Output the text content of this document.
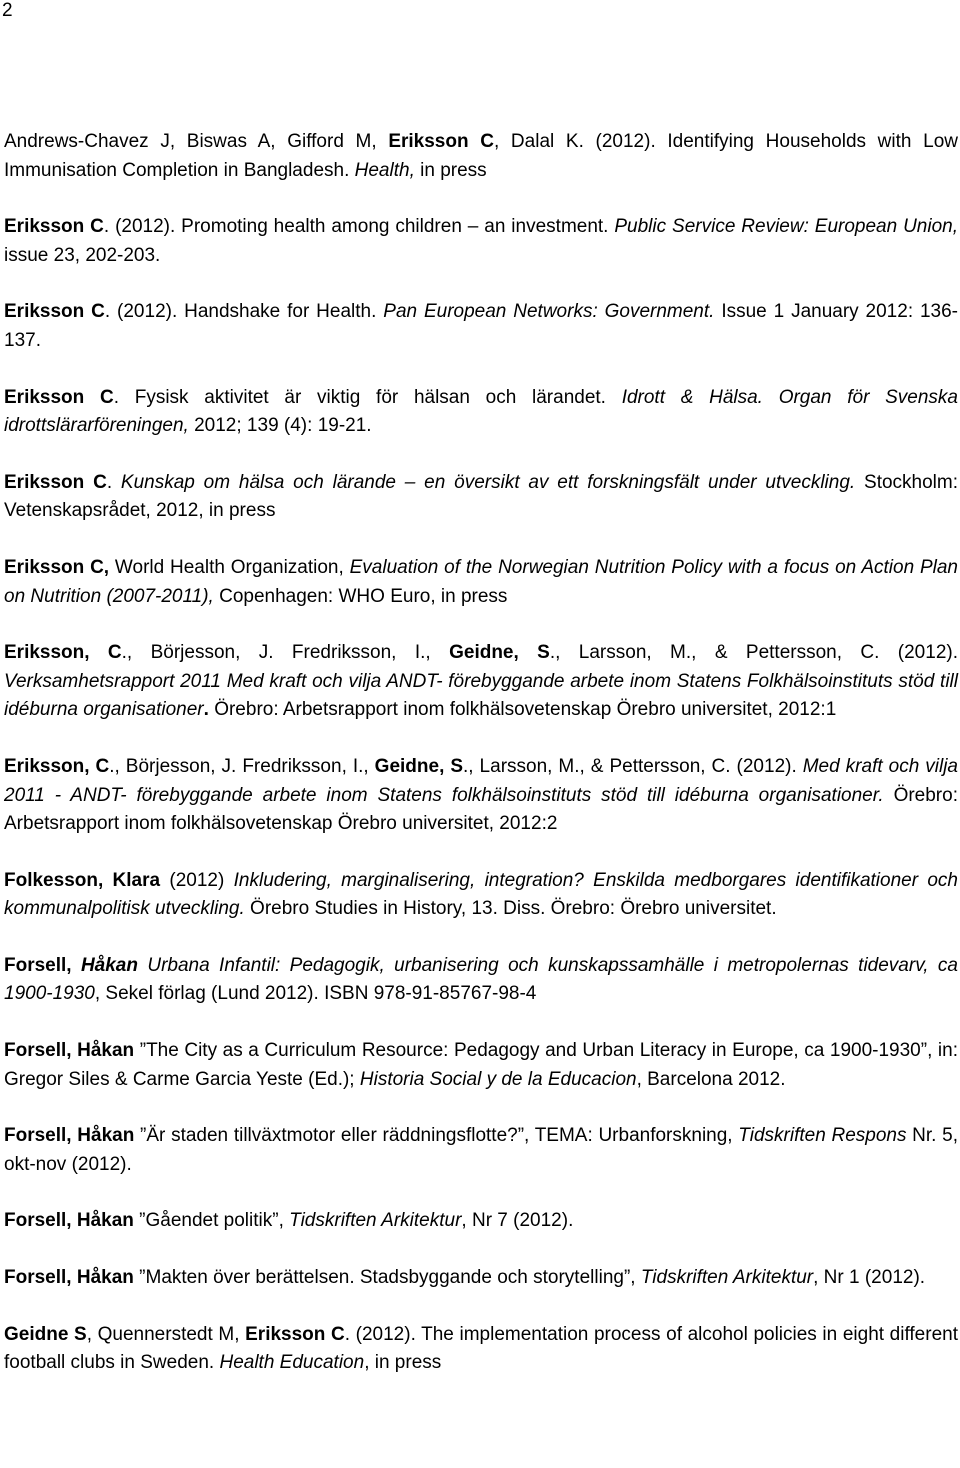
2
Andrews-Chavez J, Biswas A, Gifford M, Eriksson C, Dalal K. (2012). Identifying Households with Low Immunisation Completion in Bangladesh. Health, in press
Eriksson C. (2012). Promoting health among children – an investment. Public Service Review: European Union, issue 23, 202-203.
Eriksson C. (2012). Handshake for Health. Pan European Networks: Government. Issue 1 January 2012: 136-137.
Eriksson C. Fysisk aktivitet är viktig för hälsan och lärandet. Idrott & Hälsa. Organ för Svenska idrottslärarföreningen, 2012; 139 (4): 19-21.
Eriksson C. Kunskap om hälsa och lärande – en översikt av ett forskningsfält under utveckling. Stockholm: Vetenskapsrådet, 2012, in press
Eriksson C, World Health Organization, Evaluation of the Norwegian Nutrition Policy with a focus on Action Plan on Nutrition (2007-2011), Copenhagen: WHO Euro, in press
Eriksson, C., Börjesson, J. Fredriksson, I., Geidne, S., Larsson, M., & Pettersson, C. (2012). Verksamhetsrapport 2011 Med kraft och vilja ANDT- förebyggande arbete inom Statens Folkhälsoinstituts stöd till idéburna organisationer. Örebro: Arbetsrapport inom folkhälsovetenskap Örebro universitet, 2012:1
Eriksson, C., Börjesson, J. Fredriksson, I., Geidne, S., Larsson, M., & Pettersson, C. (2012). Med kraft och vilja 2011 - ANDT- förebyggande arbete inom Statens folkhälsoinstituts stöd till idéburna organisationer. Örebro: Arbetsrapport inom folkhälsovetenskap Örebro universitet, 2012:2
Folkesson, Klara (2012) Inkludering, marginalisering, integration? Enskilda medborgares identifikationer och kommunalpolitisk utveckling. Örebro Studies in History, 13. Diss. Örebro: Örebro universitet.
Forsell, Håkan Urbana Infantil: Pedagogik, urbanisering och kunskapssamhälle i metropolernas tidevarv, ca 1900-1930, Sekel förlag (Lund 2012). ISBN 978-91-85767-98-4
Forsell, Håkan ”The City as a Curriculum Resource: Pedagogy and Urban Literacy in Europe, ca 1900-1930”, in: Gregor Siles & Carme Garcia Yeste (Ed.); Historia Social y de la Educacion, Barcelona 2012.
Forsell, Håkan ”Är staden tillväxtmotor eller räddningsflotte?”, TEMA: Urbanforskning, Tidskriften Respons Nr. 5, okt-nov (2012).
Forsell, Håkan ”Gåendet politik”, Tidskriften Arkitektur, Nr 7 (2012).
Forsell, Håkan ”Makten över berättelsen. Stadsbyggande och storytelling”, Tidskriften Arkitektur, Nr 1 (2012).
Geidne S, Quennerstedt M, Eriksson C. (2012). The implementation process of alcohol policies in eight different football clubs in Sweden. Health Education, in press
